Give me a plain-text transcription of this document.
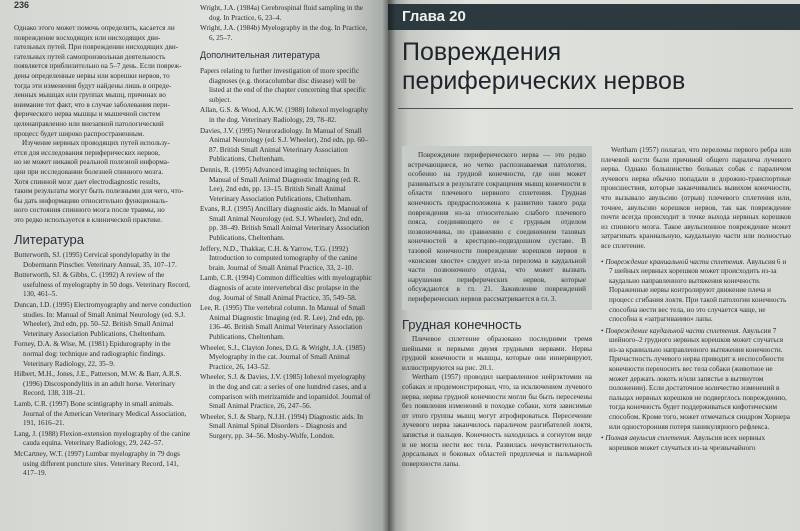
236
Однако этого может помочь определить, касается ли повреждение восходящих или нисходящих дви-
гательных путей. При повреждении нисходящих дви-
гательных путей самопроизвольная деятельность
появляется приблизительно на 5–7 день. Если повреж-
дены определенные нервы или корешки нервов, то
тогда эти изменения будут найдены лишь в опреде-
ленных мышцах или группах мышц, причинах во
внимание тот факт, что в случае заболевания пери-
ферического нерва мышцы и мышечной систем
целенаправленно или внезапной патологический
процесс будет широко распространенным.
Изучение нервных проводящих путей использу-
ется для исследования периферических нервов,
но не может никакой реальной полезной информа-
ции при исследовании болезней спинного мозга.
Хотя спинной мозг дает electrodiagnostic results,
таким результаты могут быть полезными для чего, что-
бы дать информацию относительно функциональ-
ного состояния спинного мозга после травмы, но
это редко используется в клинической практике.
Литература
Butterworth, SJ. (1995) Cervical spondylopathy in the Dobermann Pinscher. Veterinary Annual, 35, 107–17.
Butterworth, SJ. & Gibbs, C. (1992) A review of the usefulness of myelography in 50 dogs. Veterinary Record, 130, 461–5.
Duncan, I.D. (1995) Electromyography and nerve conduction studies. In: Manual of Small Animal Neurology (ed. S.J. Wheeler), 2nd edn, pp. 50–52. British Small Animal Veterinary Association Publications, Cheltenham.
Forney, D.A. & Wise, M. (1981) Epidurography in the normal dog: technique and radiographic findings. Veterinary Radiology, 22, 35–9.
Hilbert, M.H., Jones, J.E., Patterson, M.W. & Barr, A.R.S. (1996) Discospondylitis in an adult horse. Veterinary Record, 138, 318–21.
Lamb, C.R. (1997) Bone scintigraphy in small animals. Journal of the American Veterinary Medical Association, 191, 1616–21.
Lang, J. (1988) Flexion-extension myelography of the canine cauda equina. Veterinary Radiology, 29, 242–57.
McCartney, W.T. (1997) Lumbar myelography in 79 dogs using different puncture sites. Veterinary Record, 141, 417–19.
Wright, J.A. (1984a) Cerebrospinal fluid sampling in the dog. In Practice, 6, 23–4.
Wright, J.A. (1984b) Myelography in the dog. In Practice, 6, 25–7.
Дополнительная литература
Papers relating to further investigation of more specific diagnoses (e.g. thoracolumbar disc disease) will be listed at the end of the chapter concerning that specific subject.
Allan, G.S. & Wood, A.K.W. (1988) Iohexol myelography in the dog. Veterinary Radiology, 29, 78–82.
Davies, J.V. (1995) Neuroradiology. In Manual of Small Animal Neurology (ed. S.J. Wheeler), 2nd edn, pp. 60–87. British Small Animal Veterinary Association Publications, Cheltenham.
Dennis, R. (1995) Advanced imaging techniques. In Manual of Small Animal Diagnostic Imaging (ed. R. Lee), 2nd edn, pp. 13–15. British Small Animal Veterinary Association Publications, Cheltenham.
Evans, R.J. (1995) Ancillary diagnostic aids. In Manual of Small Animal Neurology (ed. S.J. Wheeler), 2nd edn, pp. 38–49. British Small Animal Veterinary Association Publications, Cheltenham.
Jeffery, N.D., Thakkar, C.H. & Yarrow, T.G. (1992) Introduction to computed tomography of the canine brain. Journal of Small Animal Practice, 33, 2–10.
Lamb, C.R. (1994) Common difficulties with myelographic diagnosis of acute intervertebral disc prolapse in the dog. Journal of Small Animal Practice, 35, 549–58.
Lee, R. (1995) The vertebral column. In Manual of Small Animal Diagnostic Imaging (ed. R. Lee), 2nd edn, pp. 136–46. British Small Animal Veterinary Association Publications, Cheltenham.
Wheeler, S.J., Clayton Jones, D.G. & Wright, J.A. (1985) Myelography in the cat. Journal of Small Animal Practice, 26, 143–52.
Wheeler, S.J. & Davies, J.V. (1985) Iohexol myelography in the dog and cat: a series of one hundred cases, and a comparison with metrizamide and iopamidol. Journal of Small Animal Practice, 26, 247–56.
Wheeler, S.J. & Sharp, N.J.H. (1994) Diagnostic aids. In Small Animal Spinal Disorders – Diagnosis and Surgery, pp. 34–56. Mosby-Wolfe, London.
Глава 20
Повреждения
периферических нервов

Повреждение периферического нерва — это редко встречающиеся, но четко распознаваемая патология, особенно на грудной конечности, где они может развиваться в результате сокращения мышц конечности в области плечевого нервного сплетения. Грудная конечность предрасположена к развитию такого рода повреждения из-за относительно слабого плечевого пояса, соединяющего ее с грудным отделом позвоночника, по сравнению с соединением тазовых конечностей в крестцово-подвздошном суставе. В тазовой конечности повреждение корешков нервов в «конском хвосте» следует из-за перелома в каудальной части позвоночного отдела, что может вызвать нарушения периферических нервов, которые обсуждаются в гл. 21. Заживление повреждений периферических нервов рассматривается в гл. 3.

Грудная конечность

Плечевое сплетение образовано последними тремя шейными и первыми двумя грудными нервами. Нервы грудной конечности и мышцы, которые они иннервируют, иллюстрируются на рис. 20.1.

Wertham (1957) проводил направленное нейрэктомии на собаках и продемонстрировал, что, за исключением лучевого нерва, нервы грудной конечности могли бы быть пересечены без появления изменений в походке собаки, хотя зависимые от этого группы мышц могут атрофироваться. Пересечение лучевого нерва заканчилось параличом разгибателей локтя, запястья и пальцев. Конечность находилась в согнутом виде и не могла нести вес тела. Развилась нечувствительность дорсальных и боковых областей предплечья и пальмарной поверхности лапы.

Wertham (1957) полагал, что переломы первого ребра или плечевой кости были причиной общего паралича лучевого нерва. Однако большинство больных собак с параличом лучевого нерва обычно попадали в дорожно-транспортные происшествия, которые заканчивались вывихом конечности, что вызывало авульсию (отрыв) плечевого сплетения или, точнее, авульсию корешков нервов, так как повреждение почти всегда происходит в точке выхода нервных корешков из спинного мозга. Такое авульсионное повреждение может затрагивать краниальную, каудальную части или полностью все сплетение.

• Повреждение краниальной части сплетения. Авульсия 6 и 7 шейных нервных корешков может происходить из-за каудально направленного вытяжения конечности. Пораженные нервы контролируют движение плеча и процесс сгибания локтя. При такой патологии конечность способна нести вес тела, но это случается чаще, не способна к «затрагиванию» лапы.
• Повреждение каудальной части сплетения. Авульсия 7 шейного–2 грудного нервных корешков может случаться из-за краниально направленного вытяжения конечности. Причастность лучевого нерва приводит к неспособности конечности переносить вес тела собаки (животное не может держать локоть и/или запястье в вытянутом положении). Если достаточное количество изменений в пальцах нервных корешков не подверглось повреждению, тогда конечность будет поддерживаться кифотическим способом. Кроме того, может отмечаться синдром Хорнера или односторонняя потеря паникулярного рефлекса.
• Полная авульсия сплетения. Авульсия всех нервных корешков может случаться из-за чрезвычайного
